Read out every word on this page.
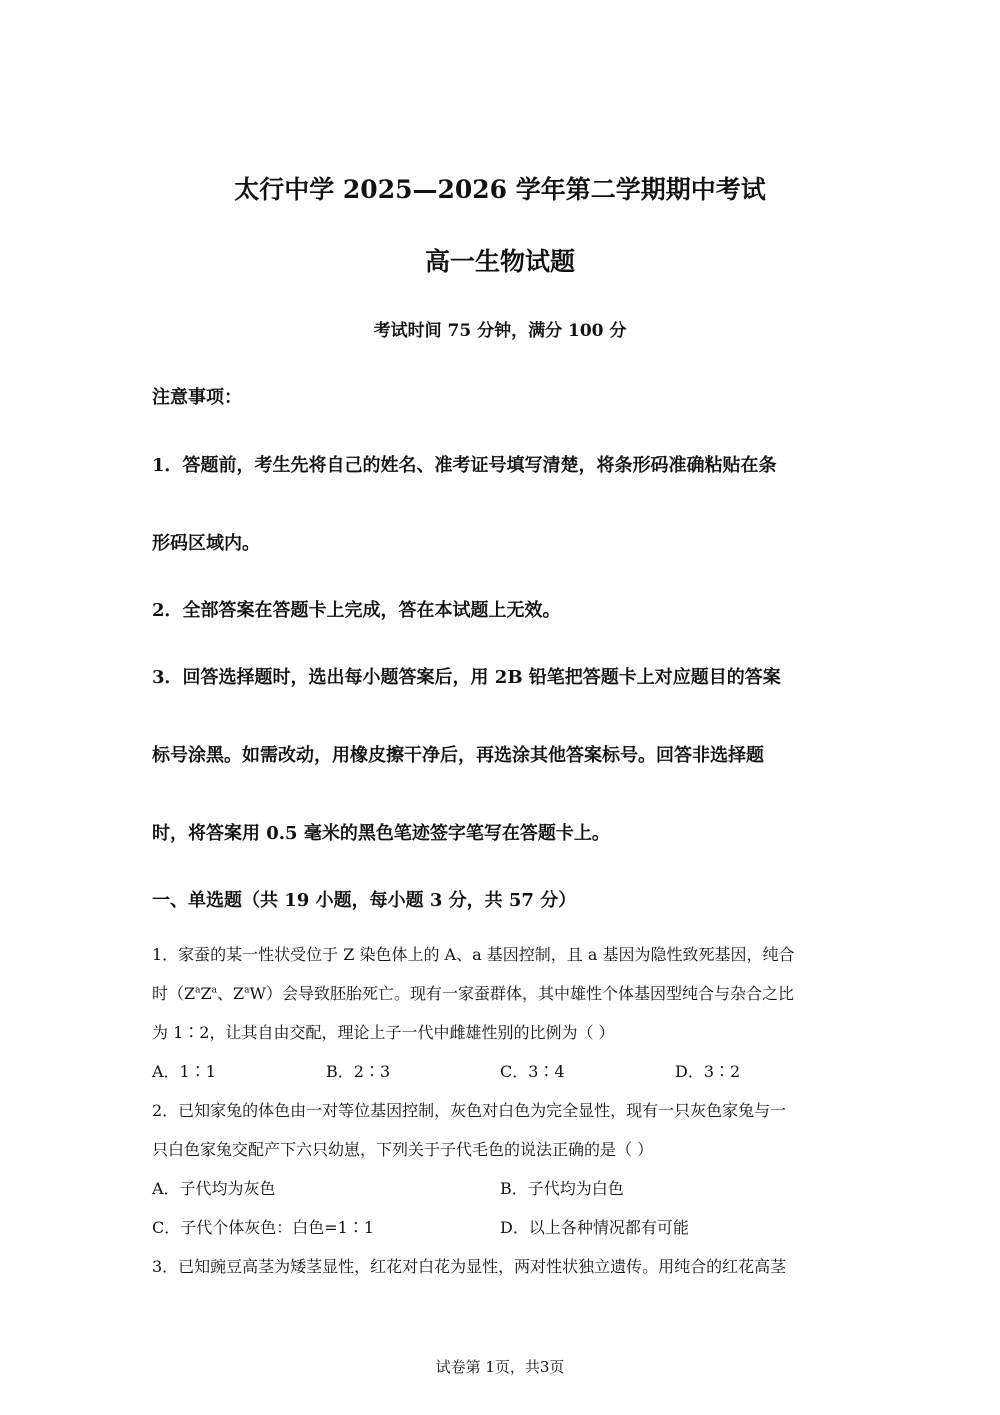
太行中学 2025—2026 学年第二学期期中考试
高一生物试题
考试时间 75 分钟，满分 100 分
注意事项：
1．答题前，考生先将自己的姓名、准考证号填写清楚，将条形码准确粘贴在条
形码区域内。
2．全部答案在答题卡上完成，答在本试题上无效。
3．回答选择题时，选出每小题答案后，用 2B 铅笔把答题卡上对应题目的答案
标号涂黑。如需改动，用橡皮擦干净后，再选涂其他答案标号。回答非选择题
时，将答案用 0.5 毫米的黑色笔迹签字笔写在答题卡上。
一、单选题（共 19 小题，每小题 3 分，共 57 分）
1．家蚕的某一性状受位于 Z 染色体上的 A、a 基因控制，且 a 基因为隐性致死基因，纯合
时（$Z^aZ^a$、$Z^aW$）会导致胚胎死亡。现有一家蚕群体，其中雄性个体基因型纯合与杂合之比
为 1∶2，让其自由交配，理论上子一代中雌雄性别的比例为（ ）
A．1∶1	B．2∶3	C．3∶4	D．3∶2
2．已知家兔的体色由一对等位基因控制，灰色对白色为完全显性，现有一只灰色家兔与一
只白色家兔交配产下六只幼崽，下列关于子代毛色的说法正确的是（ ）
A．子代均为灰色	B．子代均为白色
C．子代个体灰色：白色=1∶1	D．以上各种情况都有可能
3．已知豌豆高茎为矮茎显性，红花对白花为显性，两对性状独立遗传。用纯合的红花高茎
试卷第 1页，共3页
